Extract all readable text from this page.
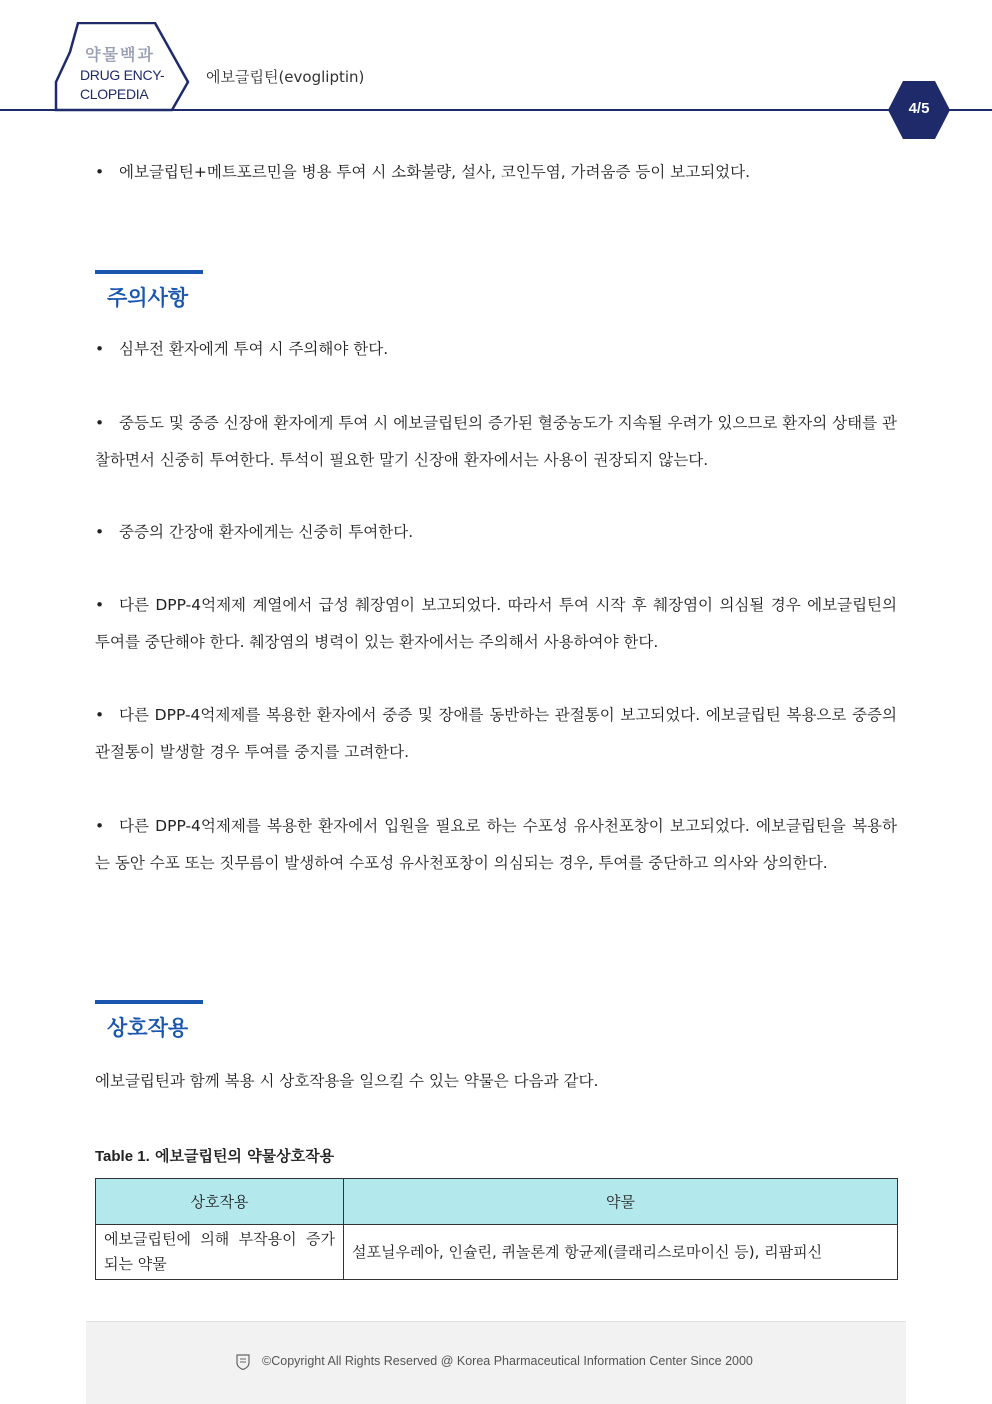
약물백과
DRUG ENCY-
CLOPEDIA
에보글립틴(evogliptin)
4/5
• 에보글립틴+메트포르민을 병용 투여 시 소화불량, 설사, 코인두염, 가려움증 등이 보고되었다.
주의사항
• 심부전 환자에게 투여 시 주의해야 한다.
• 중등도 및 중증 신장애 환자에게 투여 시 에보글립틴의 증가된 혈중농도가 지속될 우려가 있으므로 환자의 상태를 관찰하면서 신중히 투여한다. 투석이 필요한 말기 신장애 환자에서는 사용이 권장되지 않는다.
• 중증의 간장애 환자에게는 신중히 투여한다.
• 다른 DPP-4억제제 계열에서 급성 췌장염이 보고되었다. 따라서 투여 시작 후 췌장염이 의심될 경우 에보글립틴의 투여를 중단해야 한다. 췌장염의 병력이 있는 환자에서는 주의해서 사용하여야 한다.
• 다른 DPP-4억제제를 복용한 환자에서 중증 및 장애를 동반하는 관절통이 보고되었다. 에보글립틴 복용으로 중증의 관절통이 발생할 경우 투여를 중지를 고려한다.
• 다른 DPP-4억제제를 복용한 환자에서 입원을 필요로 하는 수포성 유사천포창이 보고되었다. 에보글립틴을 복용하는 동안 수포 또는 짓무름이 발생하여 수포성 유사천포창이 의심되는 경우, 투여를 중단하고 의사와 상의한다.
상호작용
에보글립틴과 함께 복용 시 상호작용을 일으킬 수 있는 약물은 다음과 같다.
Table 1. 에보글립틴의 약물상호작용
상호작용	약물
에보글립틴에 의해 부작용이 증가되는 약물	설포닐우레아, 인슐린, 퀴놀론계 항균제(클래리스로마이신 등), 리팜피신
©Copyright All Rights Reserved @ Korea Pharmaceutical Information Center Since 2000
